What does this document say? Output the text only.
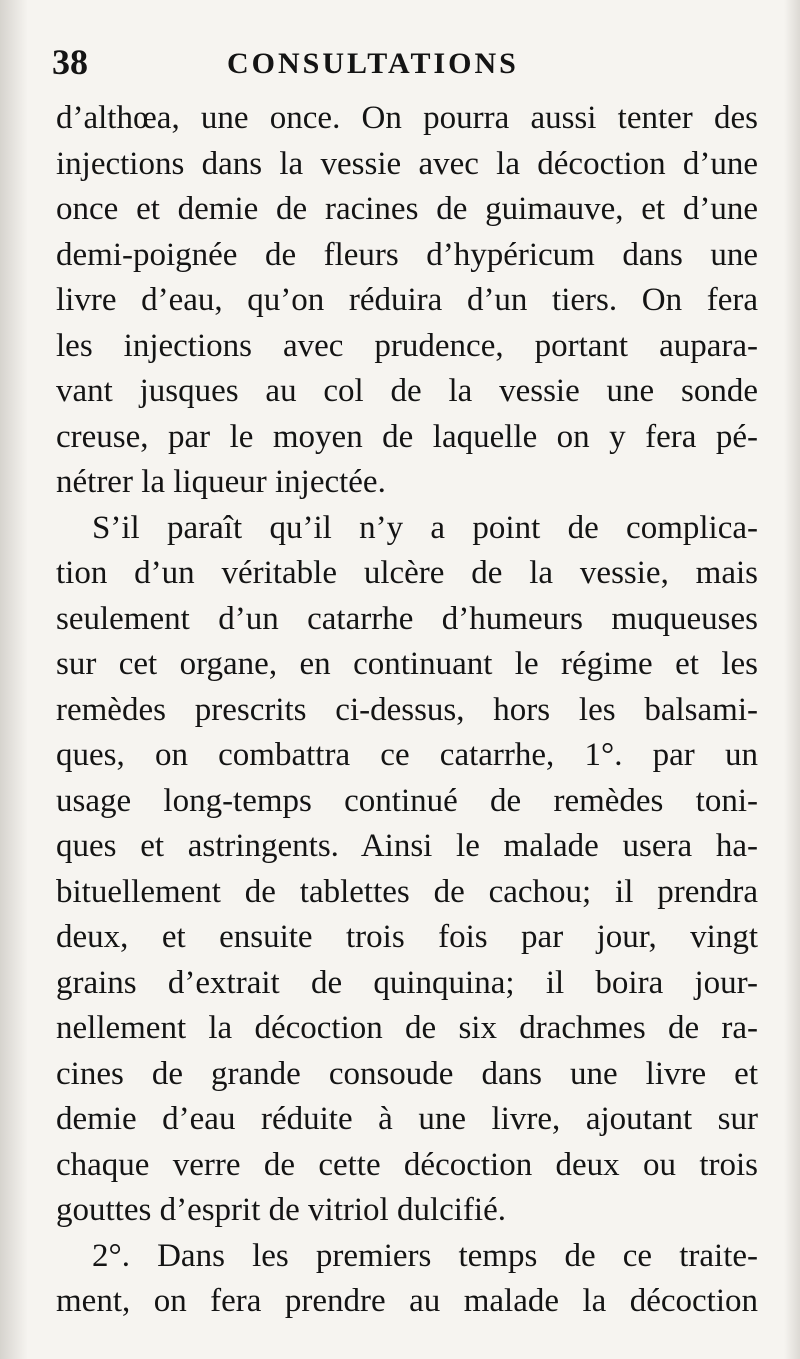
38	CONSULTATIONS
d’althœa, une once. On pourra aussi tenter des
injections dans la vessie avec la décoction d’une
once et demie de racines de guimauve, et d’une
demi-poignée de fleurs d’hypéricum dans une
livre d’eau, qu’on réduira d’un tiers. On fera
les injections avec prudence, portant aupara-
vant jusques au col de la vessie une sonde
creuse, par le moyen de laquelle on y fera pé-
nétrer la liqueur injectée.
S’il paraît qu’il n’y a point de complica-
tion d’un véritable ulcère de la vessie, mais
seulement d’un catarrhe d’humeurs muqueuses
sur cet organe, en continuant le régime et les
remèdes prescrits ci-dessus, hors les balsami-
ques, on combattra ce catarrhe, 1°. par un
usage long-temps continué de remèdes toni-
ques et astringents. Ainsi le malade usera ha-
bituellement de tablettes de cachou; il prendra
deux, et ensuite trois fois par jour, vingt
grains d’extrait de quinquina; il boira jour-
nellement la décoction de six drachmes de ra-
cines de grande consoude dans une livre et
demie d’eau réduite à une livre, ajoutant sur
chaque verre de cette décoction deux ou trois
gouttes d’esprit de vitriol dulcifié.
2°. Dans les premiers temps de ce traite-
ment, on fera prendre au malade la décoction
